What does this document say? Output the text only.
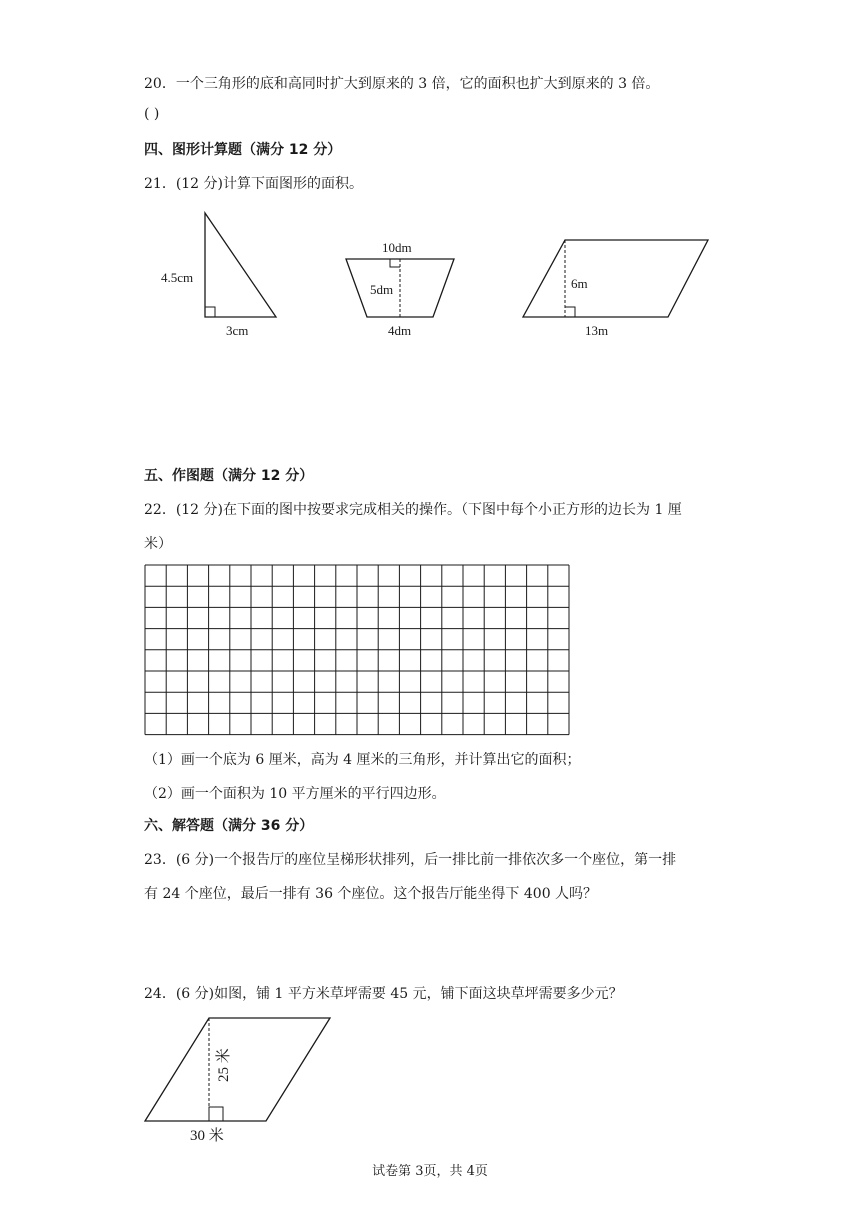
20．一个三角形的底和高同时扩大到原来的 3 倍，它的面积也扩大到原来的 3 倍。
( )
四、图形计算题（满分 12 分）
21．(12 分)计算下面图形的面积。
4.5cm
3cm
10dm
5dm
4dm
6m
13m
五、作图题（满分 12 分）
22．(12 分)在下面的图中按要求完成相关的操作。（下图中每个小正方形的边长为 1 厘
米）
（1）画一个底为 6 厘米，高为 4 厘米的三角形，并计算出它的面积；
（2）画一个面积为 10 平方厘米的平行四边形。
六、解答题（满分 36 分）
23．(6 分)一个报告厅的座位呈梯形状排列，后一排比前一排依次多一个座位，第一排
有 24 个座位，最后一排有 36 个座位。这个报告厅能坐得下 400 人吗？
24．(6 分)如图，铺 1 平方米草坪需要 45 元，铺下面这块草坪需要多少元？
25 米
30 米
试卷第 3页，共 4页
